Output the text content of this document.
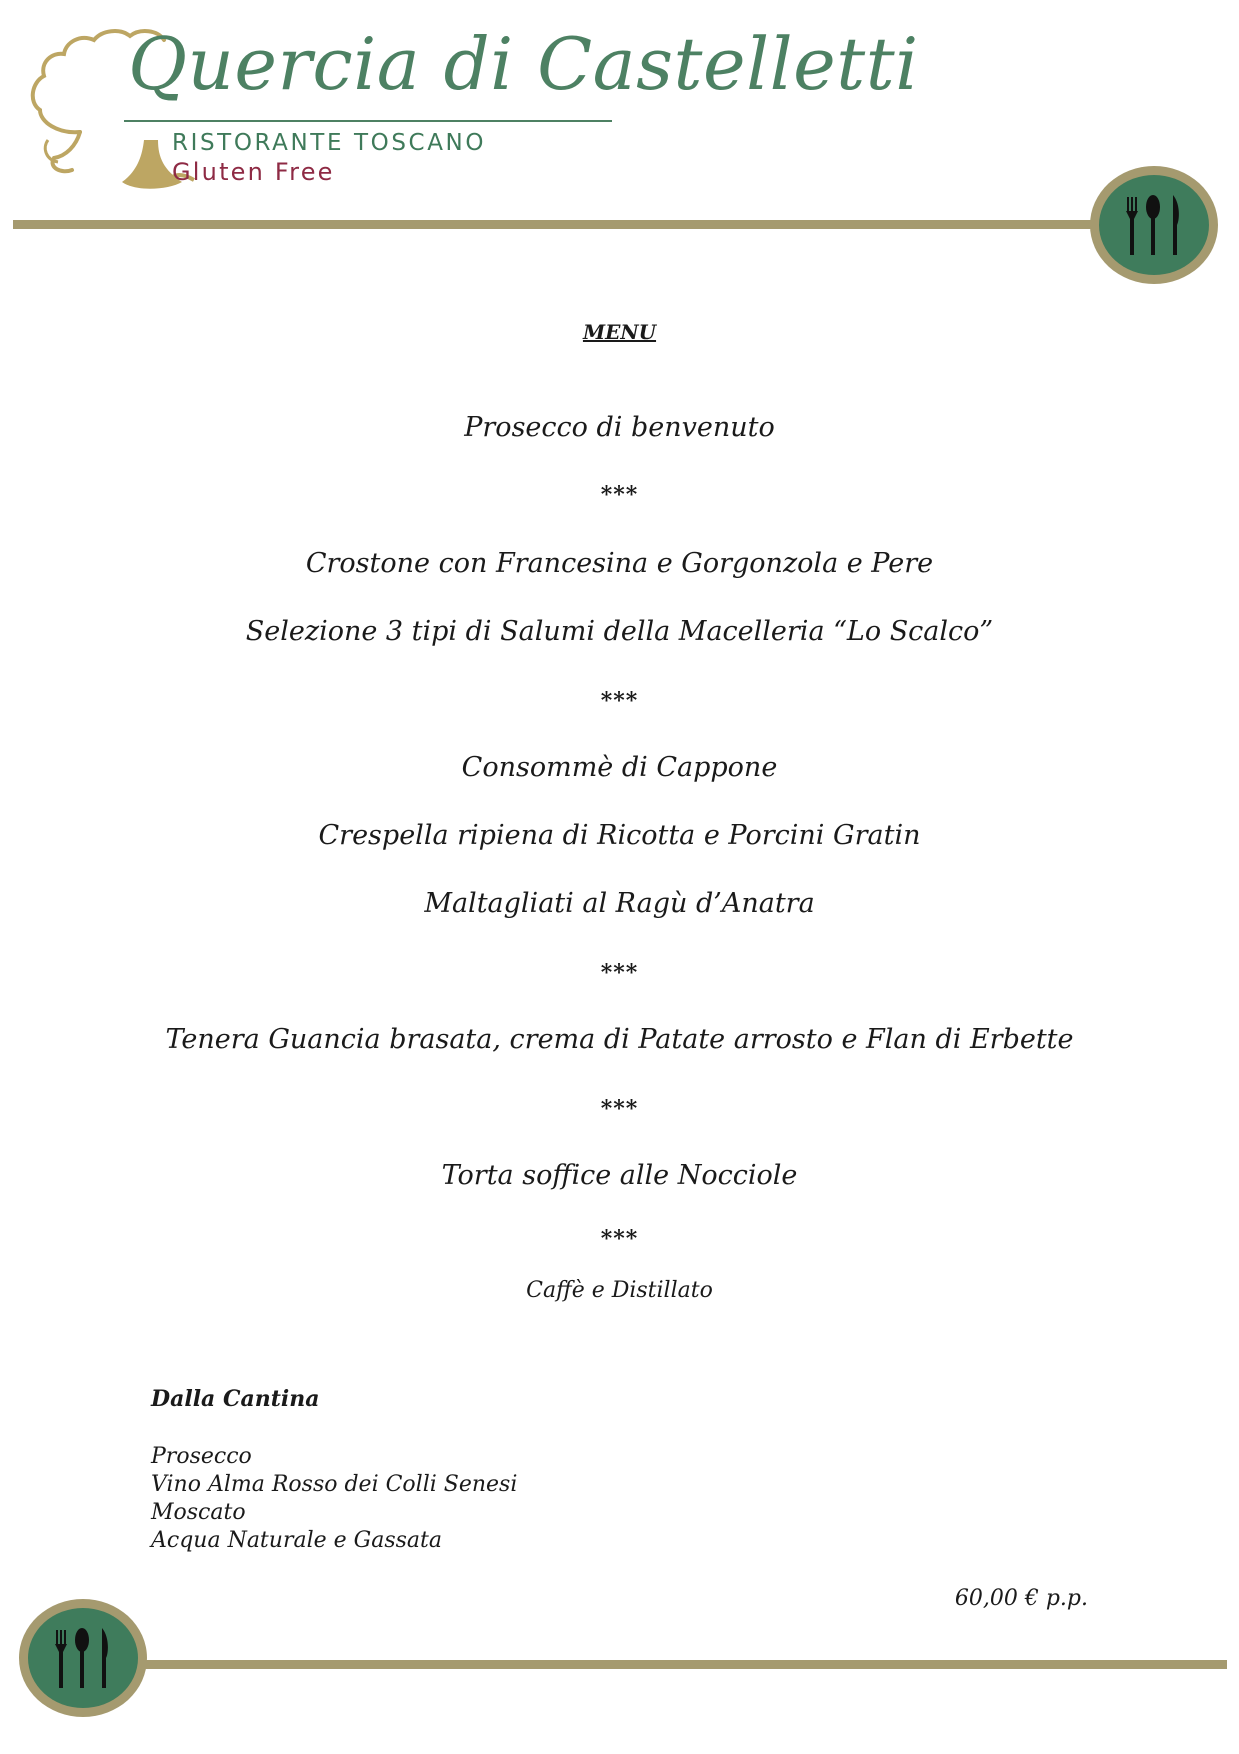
Quercia di Castelletti
RISTORANTE TOSCANO
Gluten Free
MENU
Prosecco di benvenuto
***
Crostone con Francesina e Gorgonzola e Pere
Selezione 3 tipi di Salumi della Macelleria “Lo Scalco”
***
Consommè di Cappone
Crespella ripiena di Ricotta e Porcini Gratin
Maltagliati al Ragù d’Anatra
***
Tenera Guancia brasata, crema di Patate arrosto e Flan di Erbette
***
Torta soffice alle Nocciole
***
Caffè e Distillato
Dalla Cantina
Prosecco
Vino Alma Rosso dei Colli Senesi
Moscato
Acqua Naturale e Gassata
60,00 € p.p.
